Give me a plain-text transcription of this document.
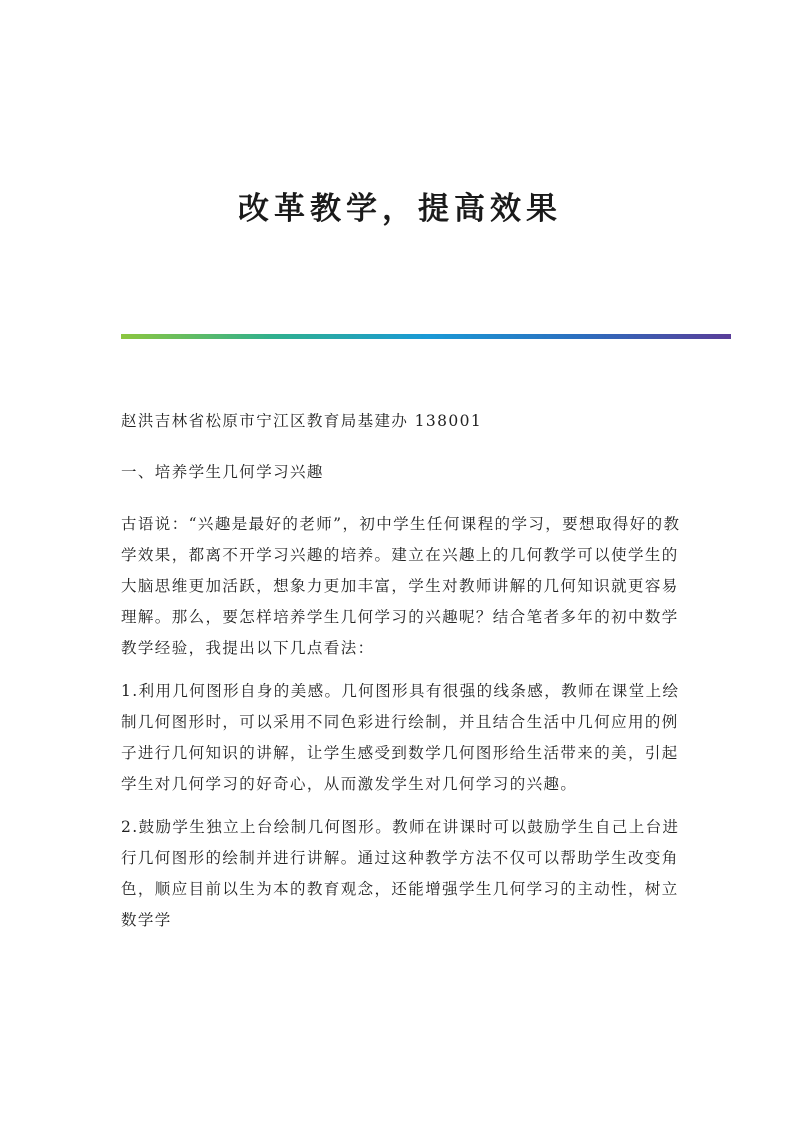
改革教学，提高效果

赵洪吉林省松原市宁江区教育局基建办 138001

一、培养学生几何学习兴趣

古语说：“兴趣是最好的老师”，初中学生任何课程的学习，要想取得好的教学效果，都离不开学习兴趣的培养。建立在兴趣上的几何教学可以使学生的大脑思维更加活跃，想象力更加丰富，学生对教师讲解的几何知识就更容易理解。那么，要怎样培养学生几何学习的兴趣呢？结合笔者多年的初中数学教学经验，我提出以下几点看法：

1.利用几何图形自身的美感。几何图形具有很强的线条感，教师在课堂上绘制几何图形时，可以采用不同色彩进行绘制，并且结合生活中几何应用的例子进行几何知识的讲解，让学生感受到数学几何图形给生活带来的美，引起学生对几何学习的好奇心，从而激发学生对几何学习的兴趣。

2.鼓励学生独立上台绘制几何图形。教师在讲课时可以鼓励学生自己上台进行几何图形的绘制并进行讲解。通过这种教学方法不仅可以帮助学生改变角色，顺应目前以生为本的教育观念，还能增强学生几何学习的主动性，树立数学学
